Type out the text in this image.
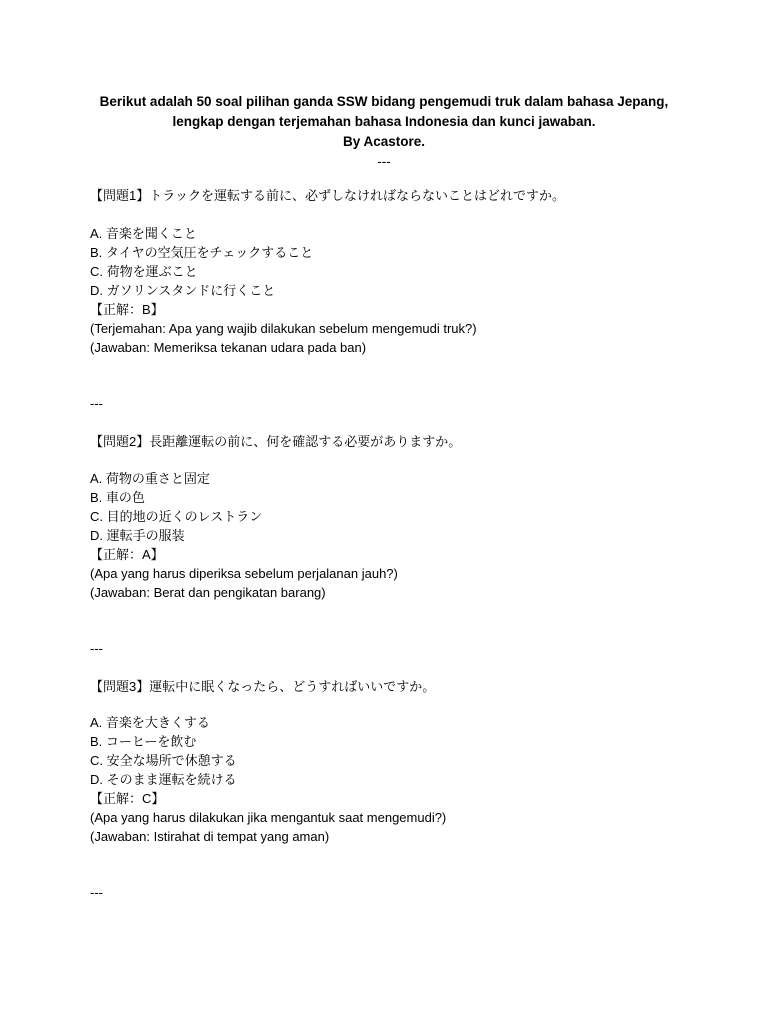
Berikut adalah 50 soal pilihan ganda SSW bidang pengemudi truk dalam bahasa Jepang,
lengkap dengan terjemahan bahasa Indonesia dan kunci jawaban.
By Acastore.
---
【問題1】トラックを運転する前に、必ずしなければならないことはどれですか。
A. 音楽を聞くこと
B. タイヤの空気圧をチェックすること
C. 荷物を運ぶこと
D. ガソリンスタンドに行くこと
【正解：B】
(Terjemahan: Apa yang wajib dilakukan sebelum mengemudi truk?)
(Jawaban: Memeriksa tekanan udara pada ban)
---
【問題2】長距離運転の前に、何を確認する必要がありますか。
A. 荷物の重さと固定
B. 車の色
C. 目的地の近くのレストラン
D. 運転手の服装
【正解：A】
(Apa yang harus diperiksa sebelum perjalanan jauh?)
(Jawaban: Berat dan pengikatan barang)
---
【問題3】運転中に眠くなったら、どうすればいいですか。
A. 音楽を大きくする
B. コーヒーを飲む
C. 安全な場所で休憩する
D. そのまま運転を続ける
【正解：C】
(Apa yang harus dilakukan jika mengantuk saat mengemudi?)
(Jawaban: Istirahat di tempat yang aman)
---
